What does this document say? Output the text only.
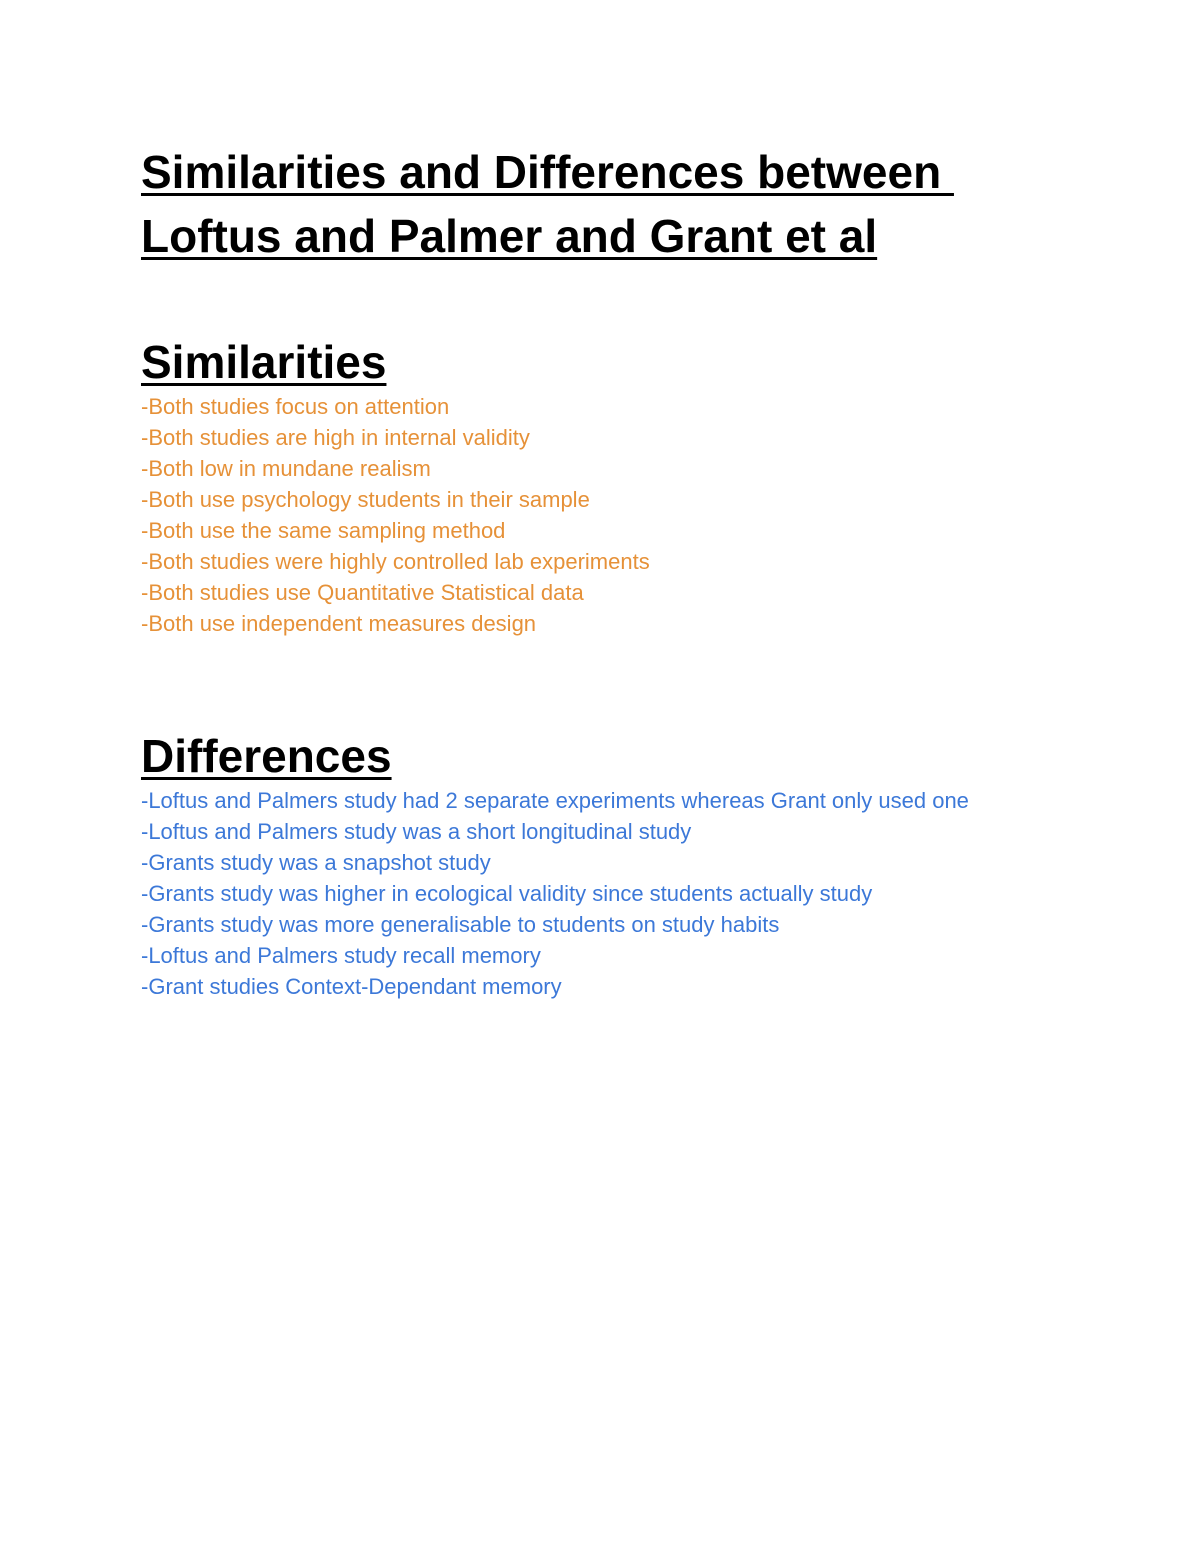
Similarities and Differences between
Loftus and Palmer and Grant et al
Similarities
-Both studies focus on attention
-Both studies are high in internal validity
-Both low in mundane realism
-Both use psychology students in their sample
-Both use the same sampling method
-Both studies were highly controlled lab experiments
-Both studies use Quantitative Statistical data
-Both use independent measures design
Differences
-Loftus and Palmers study had 2 separate experiments whereas Grant only used one
-Loftus and Palmers study was a short longitudinal study
-Grants study was a snapshot study
-Grants study was higher in ecological validity since students actually study
-Grants study was more generalisable to students on study habits
-Loftus and Palmers study recall memory
-Grant studies Context-Dependant memory
